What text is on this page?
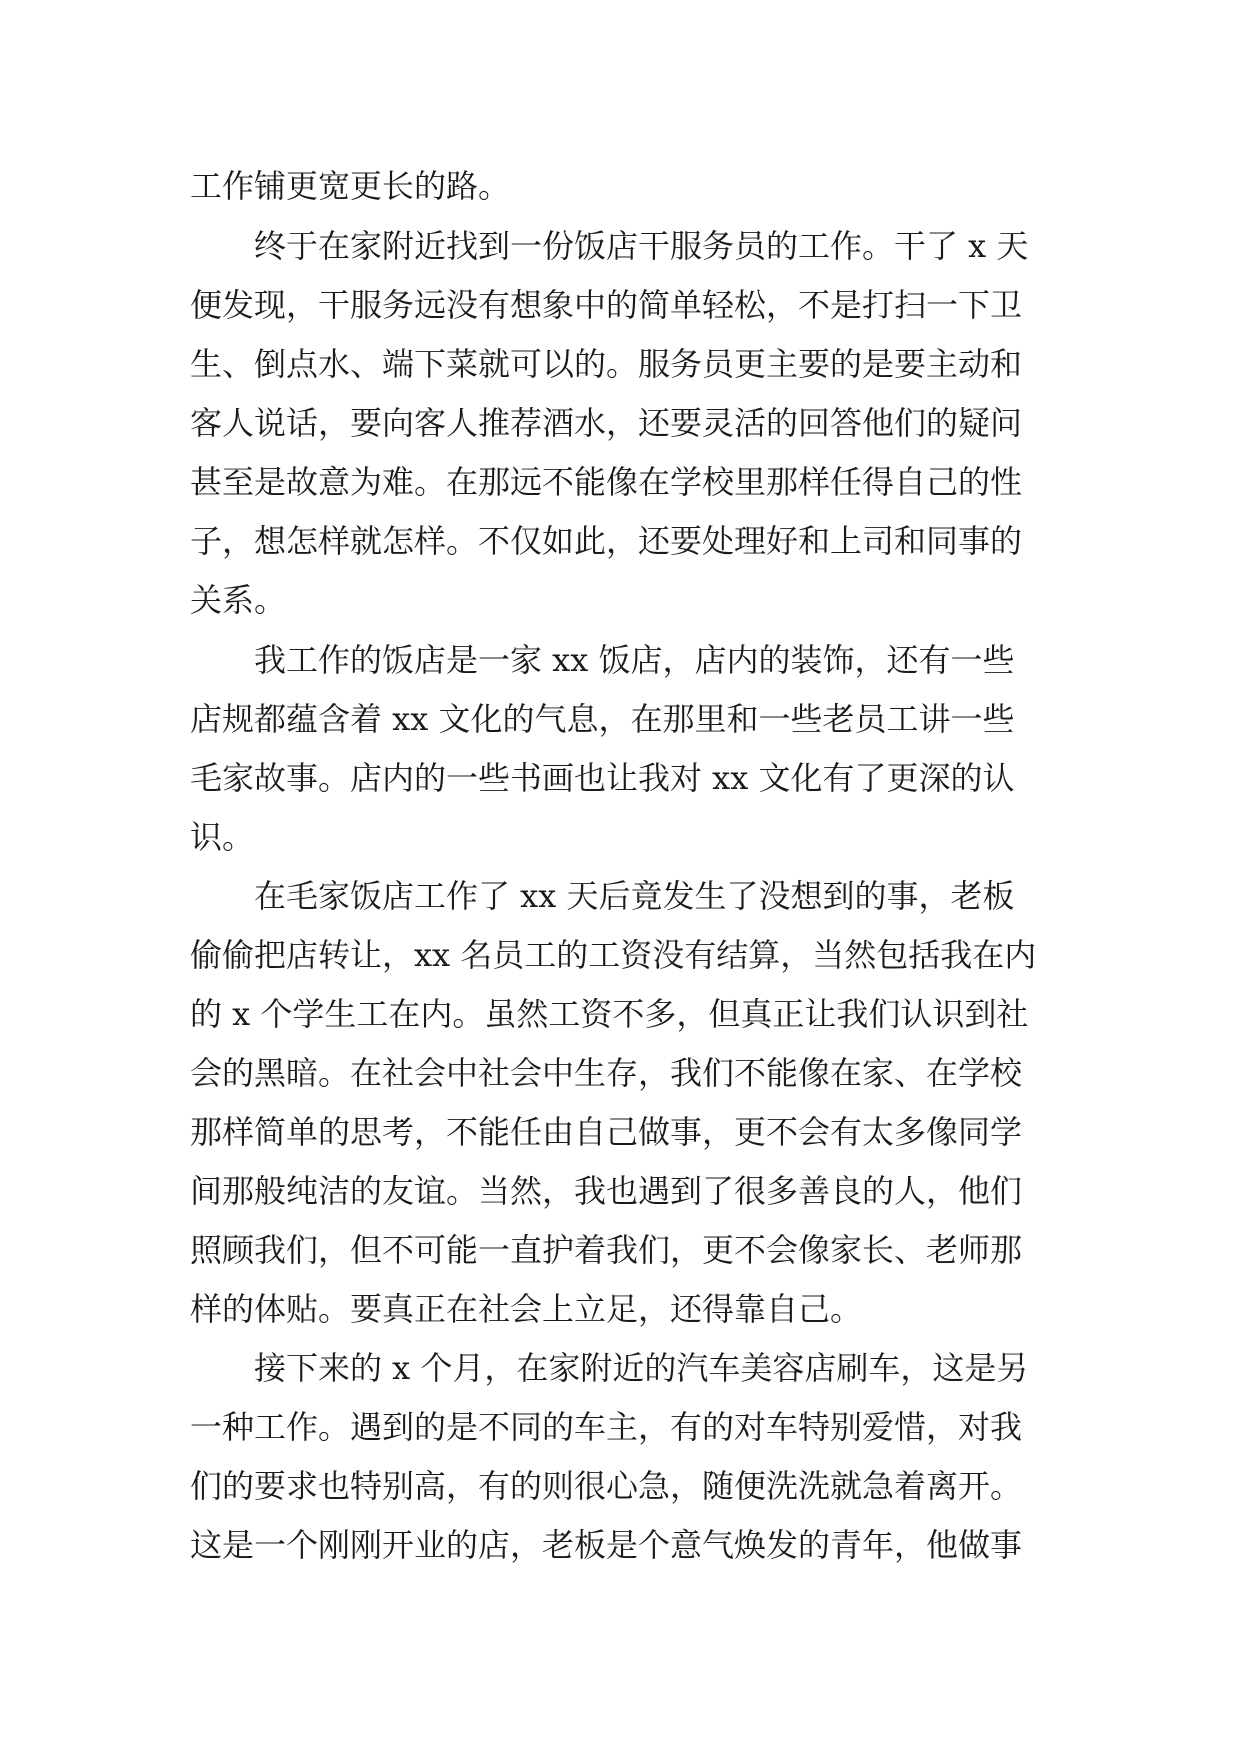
工作铺更宽更长的路。

终于在家附近找到一份饭店干服务员的工作。干了 x 天

便发现，干服务远没有想象中的简单轻松，不是打扫一下卫

生、倒点水、端下菜就可以的。服务员更主要的是要主动和

客人说话，要向客人推荐酒水，还要灵活的回答他们的疑问

甚至是故意为难。在那远不能像在学校里那样任得自己的性

子，想怎样就怎样。不仅如此，还要处理好和上司和同事的

关系。

我工作的饭店是一家 xx 饭店，店内的装饰，还有一些

店规都蕴含着 xx 文化的气息，在那里和一些老员工讲一些

毛家故事。店内的一些书画也让我对 xx 文化有了更深的认

识。

在毛家饭店工作了 xx 天后竟发生了没想到的事，老板

偷偷把店转让，xx 名员工的工资没有结算，当然包括我在内

的 x 个学生工在内。虽然工资不多，但真正让我们认识到社

会的黑暗。在社会中社会中生存，我们不能像在家、在学校

那样简单的思考，不能任由自己做事，更不会有太多像同学

间那般纯洁的友谊。当然，我也遇到了很多善良的人，他们

照顾我们，但不可能一直护着我们，更不会像家长、老师那

样的体贴。要真正在社会上立足，还得靠自己。

接下来的 x 个月，在家附近的汽车美容店刷车，这是另

一种工作。遇到的是不同的车主，有的对车特别爱惜，对我

们的要求也特别高，有的则很心急，随便洗洗就急着离开。

这是一个刚刚开业的店，老板是个意气焕发的青年，他做事
